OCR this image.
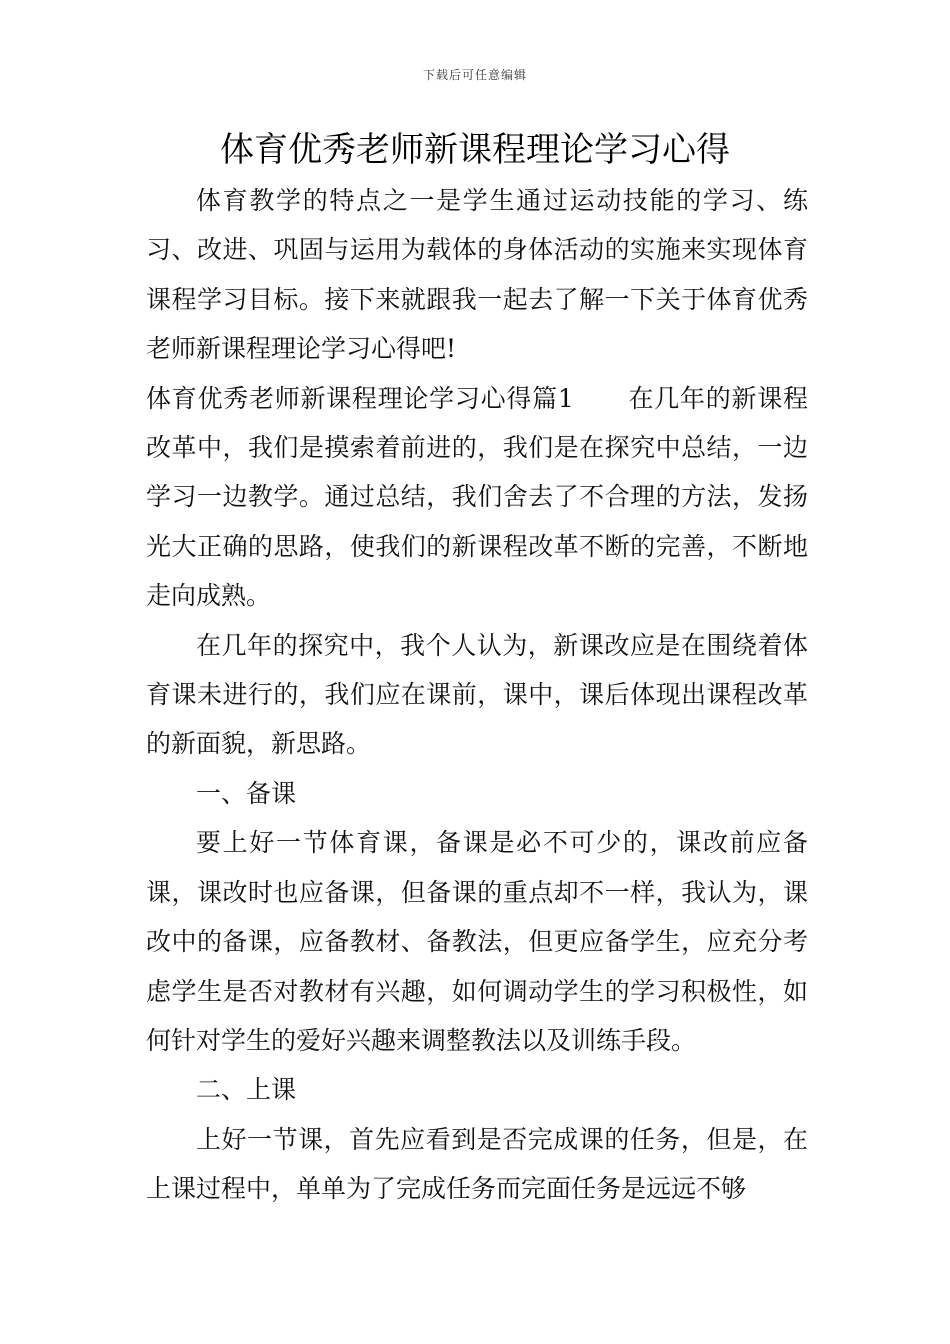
下载后可任意编辑
体育优秀老师新课程理论学习心得

体育教学的特点之一是学生通过运动技能的学习、练习、改进、巩固与运用为载体的身体活动的实施来实现体育课程学习目标。接下来就跟我一起去了解一下关于体育优秀老师新课程理论学习心得吧!

体育优秀老师新课程理论学习心得篇1 在几年的新课程改革中，我们是摸索着前进的，我们是在探究中总结，一边学习一边教学。通过总结，我们舍去了不合理的方法，发扬光大正确的思路，使我们的新课程改革不断的完善，不断地走向成熟。

在几年的探究中，我个人认为，新课改应是在围绕着体育课未进行的，我们应在课前，课中，课后体现出课程改革的新面貌，新思路。

一、备课

要上好一节体育课，备课是必不可少的，课改前应备课，课改时也应备课，但备课的重点却不一样，我认为，课改中的备课，应备教材、备教法，但更应备学生，应充分考虑学生是否对教材有兴趣，如何调动学生的学习积极性，如何针对学生的爱好兴趣来调整教法以及训练手段。

二、上课

上好一节课，首先应看到是否完成课的任务，但是，在上课过程中，单单为了完成任务而完面任务是远远不够
